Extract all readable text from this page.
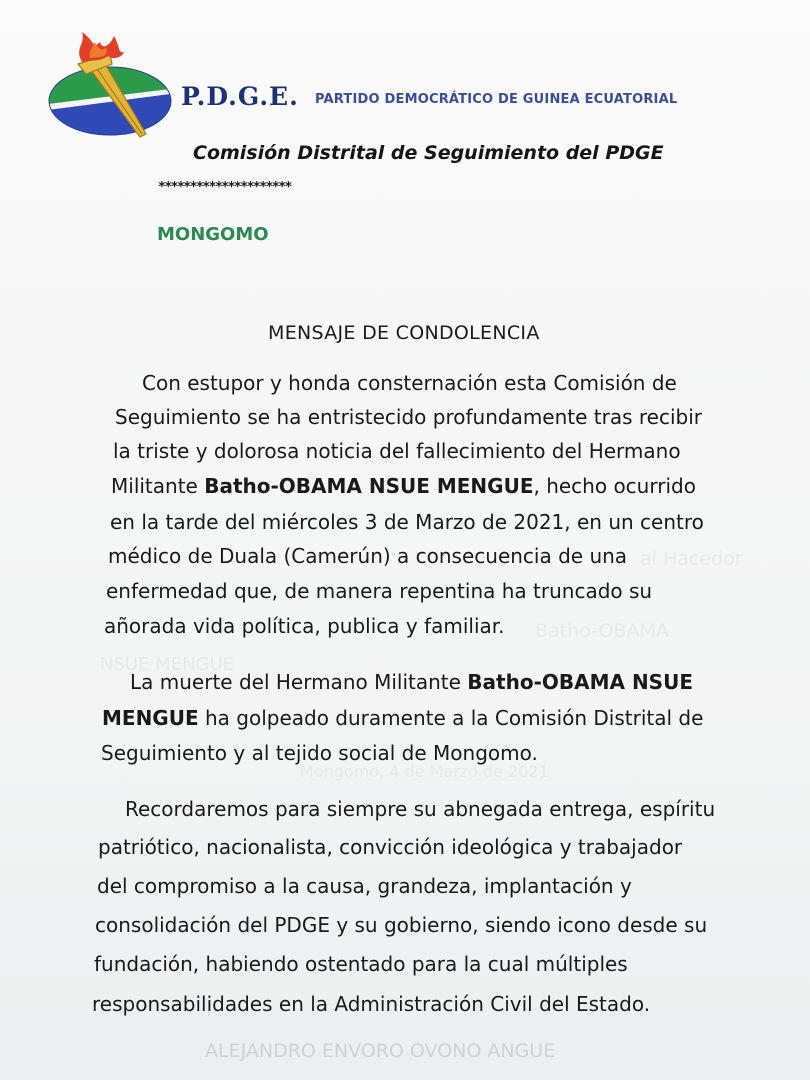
al Hacedor
Batho-OBAMA
NSUE MENGUE
Mongomo, 4 de Marzo de 2021
ALEJANDRO ENVORO OVONO ANGUE
P.D.G.E. PARTIDO DEMOCRÁTICO DE GUINEA ECUATORIAL
Comisión Distrital de Seguimiento del PDGE
*********************
MONGOMO
MENSAJE DE CONDOLENCIA
Con estupor y honda consternación esta Comisión de
Seguimiento se ha entristecido profundamente tras recibir
la triste y dolorosa noticia del fallecimiento del Hermano
Militante Batho-OBAMA NSUE MENGUE, hecho ocurrido
en la tarde del miércoles 3 de Marzo de 2021, en un centro
médico de Duala (Camerún) a consecuencia de una
enfermedad que, de manera repentina ha truncado su
añorada vida política, publica y familiar.
La muerte del Hermano Militante Batho-OBAMA NSUE
MENGUE ha golpeado duramente a la Comisión Distrital de
Seguimiento y al tejido social de Mongomo.
Recordaremos para siempre su abnegada entrega, espíritu
patriótico, nacionalista, convicción ideológica y trabajador
del compromiso a la causa, grandeza, implantación y
consolidación del PDGE y su gobierno, siendo icono desde su
fundación, habiendo ostentado para la cual múltiples
responsabilidades en la Administración Civil del Estado.
